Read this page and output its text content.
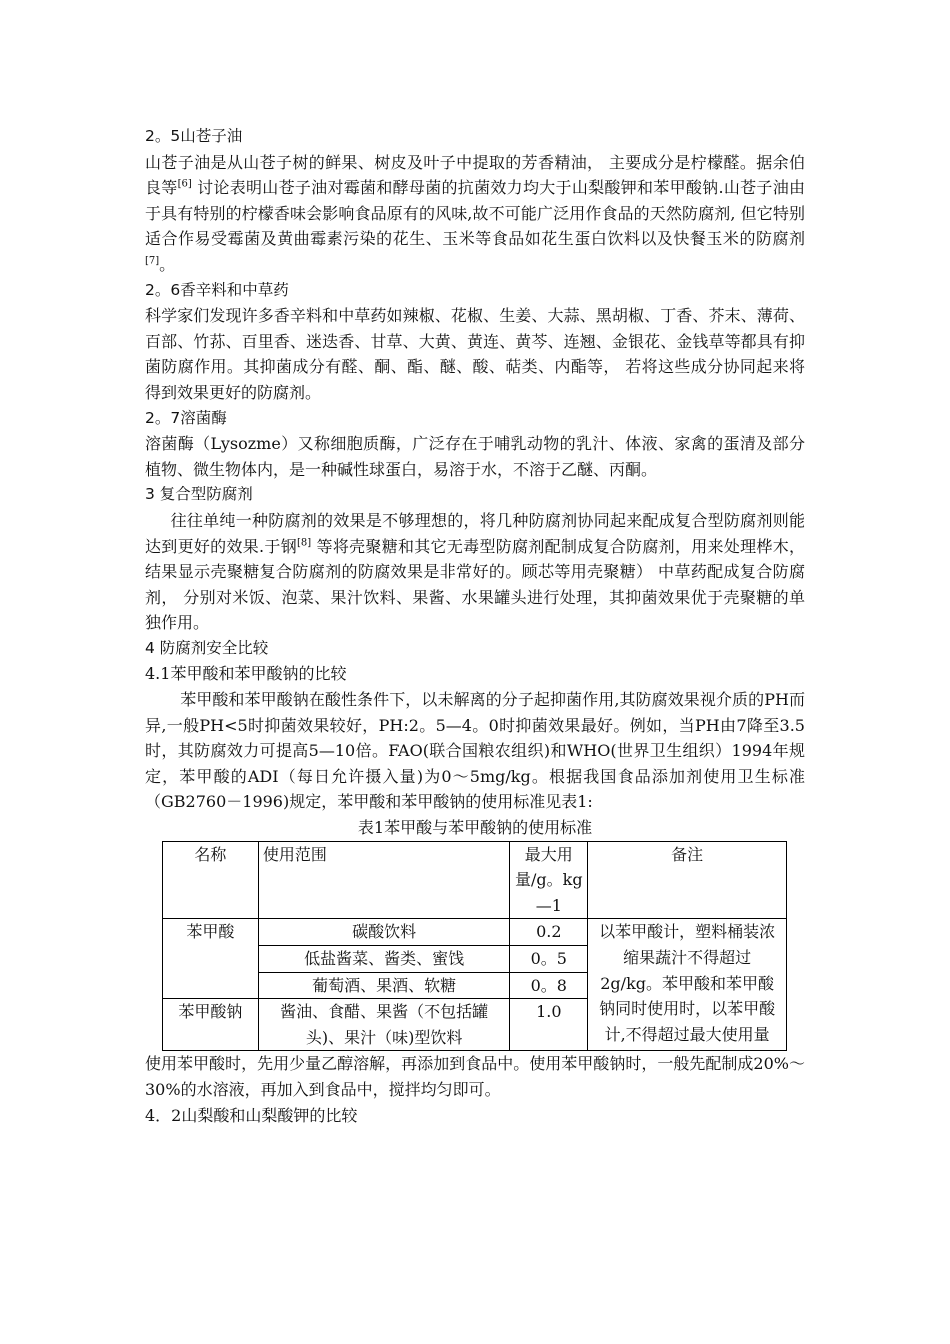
2。5山苍子油

山苍子油是从山苍子树的鲜果、树皮及叶子中提取的芳香精油， 主要成分是柠檬醛。据余伯良等[6] 讨论表明山苍子油对霉菌和酵母菌的抗菌效力均大于山梨酸钾和苯甲酸钠.山苍子油由于具有特别的柠檬香味会影响食品原有的风味,故不可能广泛用作食品的天然防腐剂, 但它特别适合作易受霉菌及黄曲霉素污染的花生、玉米等食品如花生蛋白饮料以及快餐玉米的防腐剂[7]。

2。6香辛料和中草药

科学家们发现许多香辛料和中草药如辣椒、花椒、生姜、大蒜、黑胡椒、丁香、芥末、薄荷、百部、竹荪、百里香、迷迭香、甘草、大黄、黄连、黄芩、连翘、金银花、金钱草等都具有抑菌防腐作用。其抑菌成分有醛、酮、酯、醚、酸、萜类、内酯等， 若将这些成分协同起来将得到效果更好的防腐剂。

2。7溶菌酶

溶菌酶（Lysozme）又称细胞质酶，广泛存在于哺乳动物的乳汁、体液、家禽的蛋清及部分植物、微生物体内，是一种碱性球蛋白，易溶于水，不溶于乙醚、丙酮。

3 复合型防腐剂

往往单纯一种防腐剂的效果是不够理想的，将几种防腐剂协同起来配成复合型防腐剂则能达到更好的效果.于钢[8] 等将壳聚糖和其它无毒型防腐剂配制成复合防腐剂，用来处理桦木，结果显示壳聚糖复合防腐剂的防腐效果是非常好的。顾芯等用壳聚糖） 中草药配成复合防腐剂， 分别对米饭、泡菜、果汁饮料、果酱、水果罐头进行处理，其抑菌效果优于壳聚糖的单独作用。

4 防腐剂安全比较

4.1苯甲酸和苯甲酸钠的比较

苯甲酸和苯甲酸钠在酸性条件下，以未解离的分子起抑菌作用,其防腐效果视介质的PH而异,一般PH<5时抑菌效果较好，PH:2。5—4。0时抑菌效果最好。例如，当PH由7降至3.5时，其防腐效力可提高5—10倍。FAO(联合国粮农组织)和WHO(世界卫生组织）1994年规定，苯甲酸的ADI（每日允许摄入量)为0～5mg/kg。根据我国食品添加剂使用卫生标准（GB2760－1996)规定，苯甲酸和苯甲酸钠的使用标准见表1:

表1苯甲酸与苯甲酸钠的使用标准

名称	使用范围	最大用量/g。kg—1	备注
苯甲酸	碳酸饮料	0.2	以苯甲酸计，塑料桶装浓缩果蔬汁不得超过2g/kg。苯甲酸和苯甲酸钠同时使用时，以苯甲酸计,不得超过最大使用量
	低盐酱菜、酱类、蜜饯	0。5	
	葡萄酒、果酒、软糖	0。8	
苯甲酸钠	酱油、食醋、果酱（不包括罐头)、果汁（味)型饮料	1.0	

使用苯甲酸时，先用少量乙醇溶解，再添加到食品中。使用苯甲酸钠时，一般先配制成20%～30%的水溶液，再加入到食品中，搅拌均匀即可。

4．2山梨酸和山梨酸钾的比较
